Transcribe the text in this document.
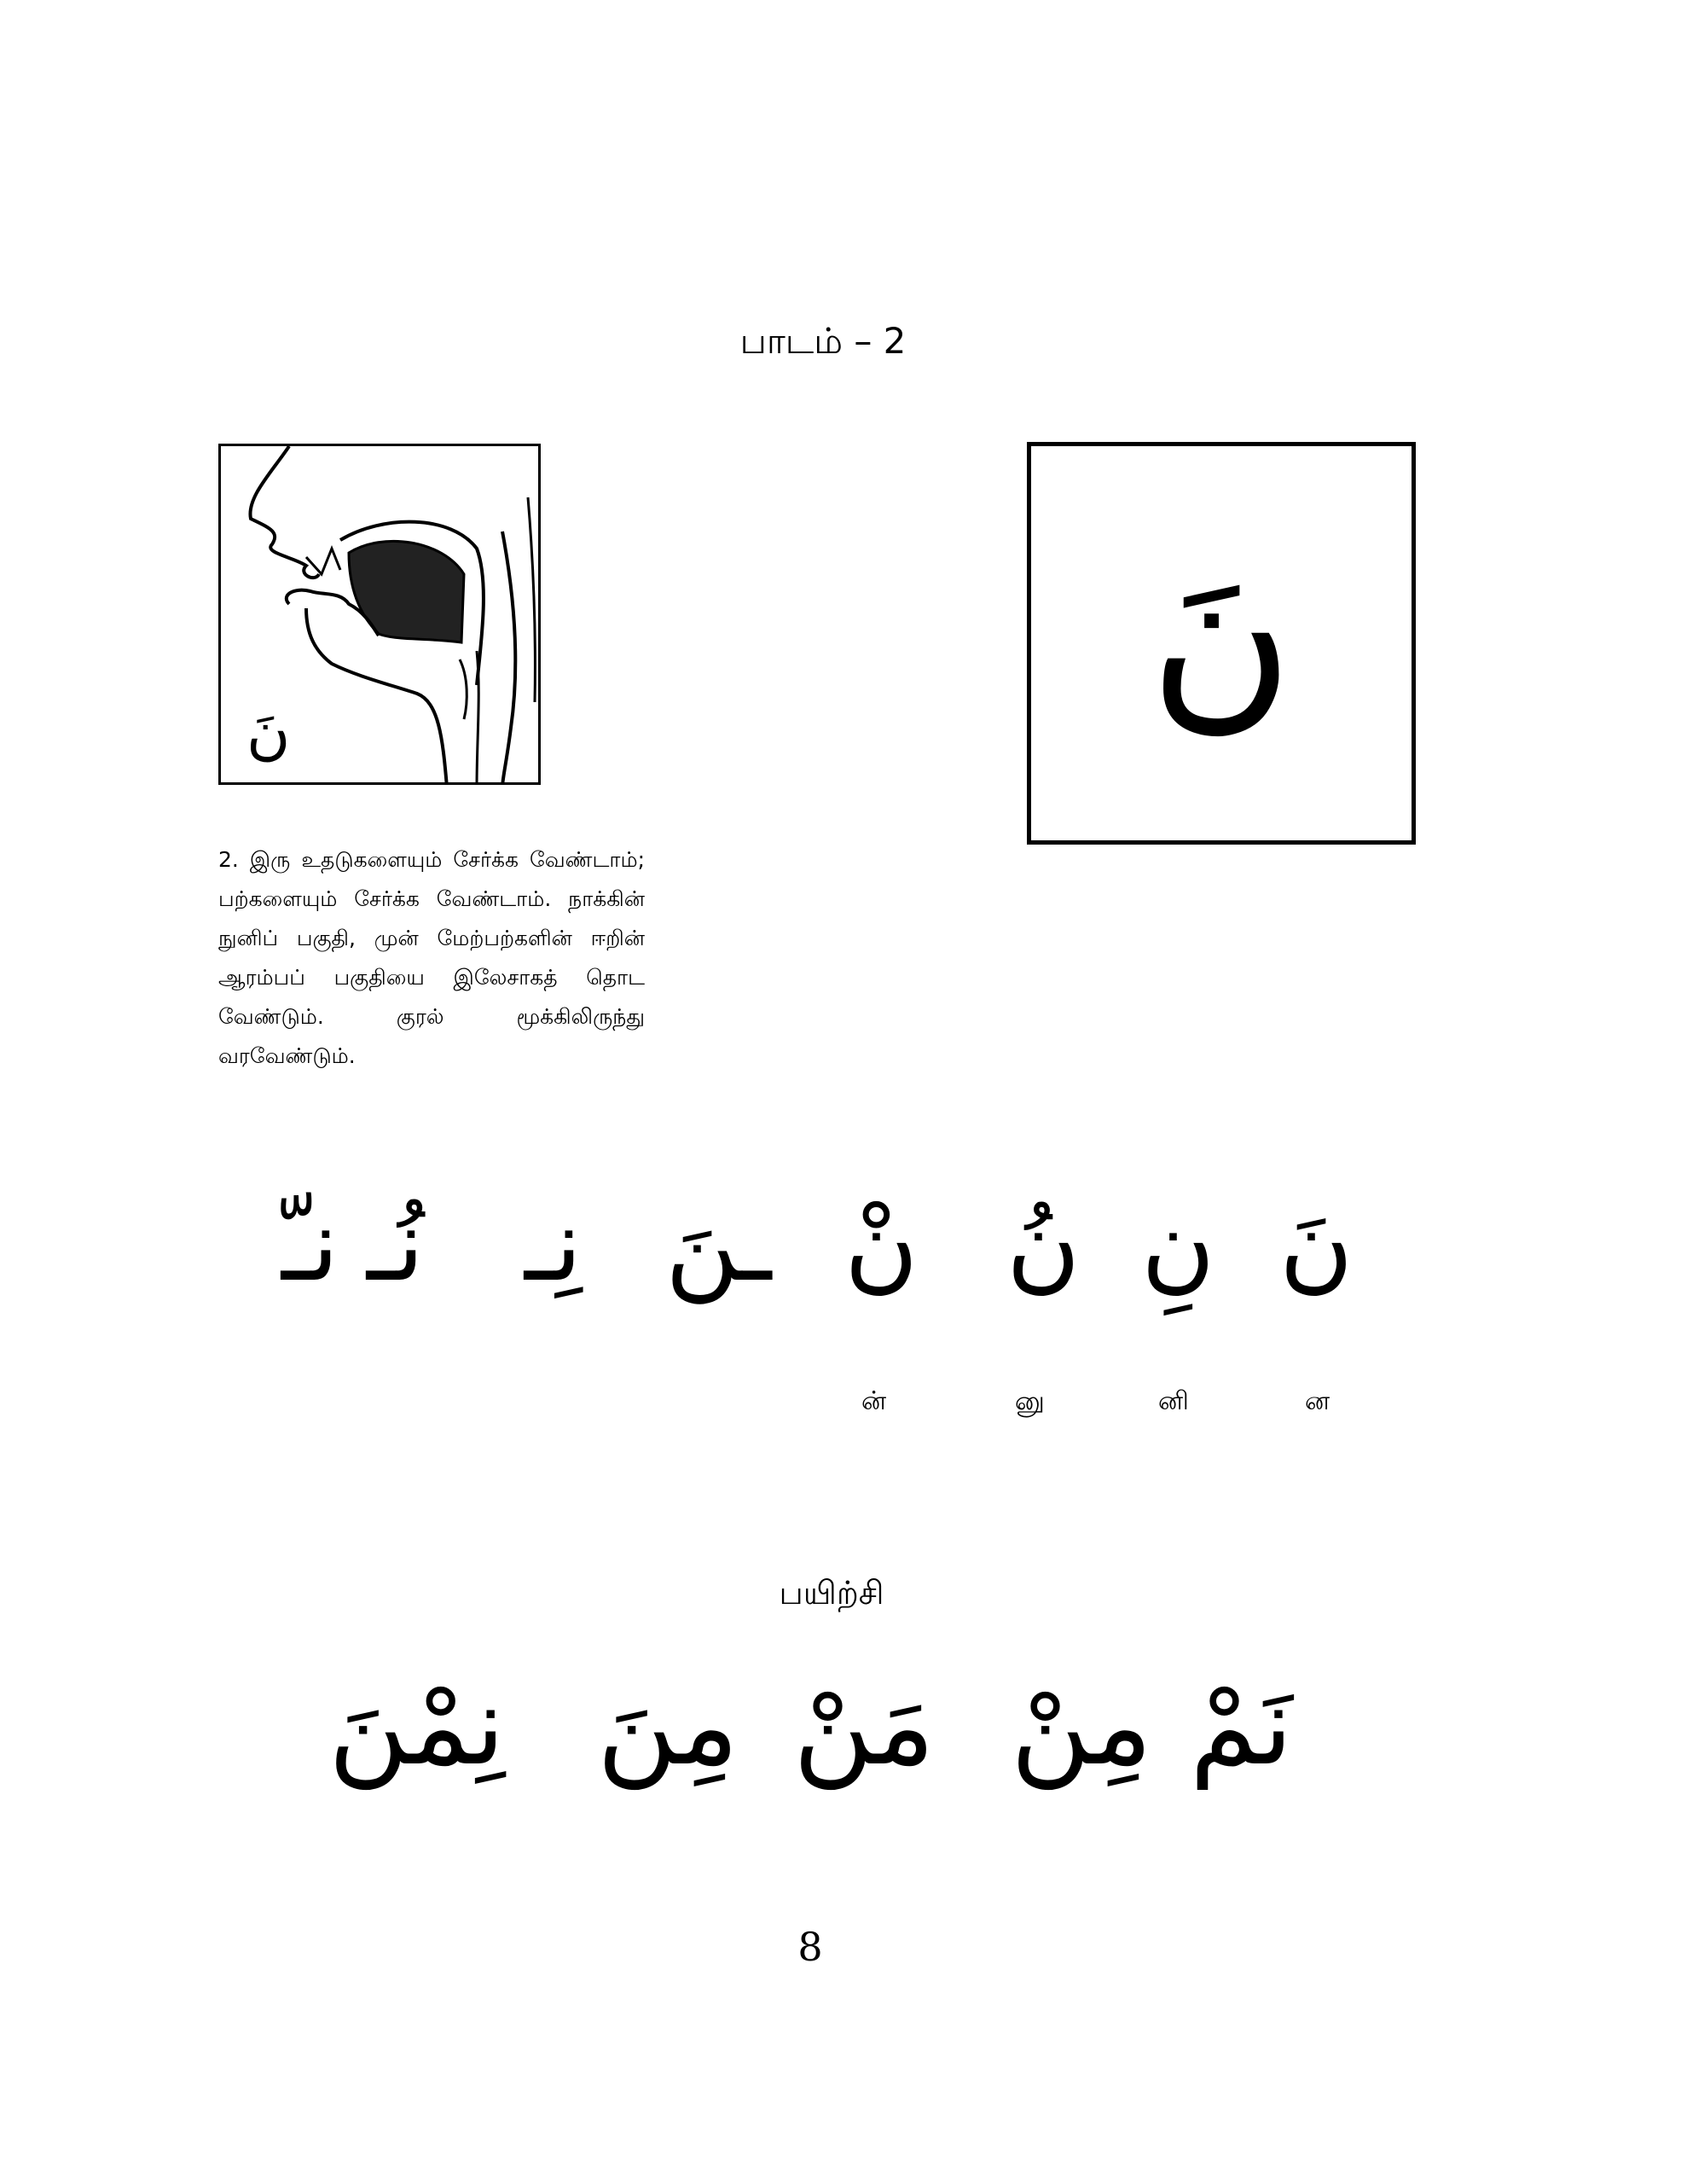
பாடம் – 2
نَ	نَ
2. இரு உதடுகளையும் சேர்க்க வேண்டாம்; பற்களையும் சேர்க்க வேண்டாம். நாக்கின் நுனிப் பகுதி, முன் மேற்பற்களின் ஈறின் ஆரம்பப் பகுதியை இலேசாகத் தொட வேண்டும். குரல் மூக்கிலிருந்து வரவேண்டும்.
نَ
نِ
نُ
نْ
ـنَ
نِـ
نُـ
نـّ
ன
னி
னு
ன்
பயிற்சி
نَمْ
مِنْ
مَنْ
مِنَ
نِمْنَ
8
